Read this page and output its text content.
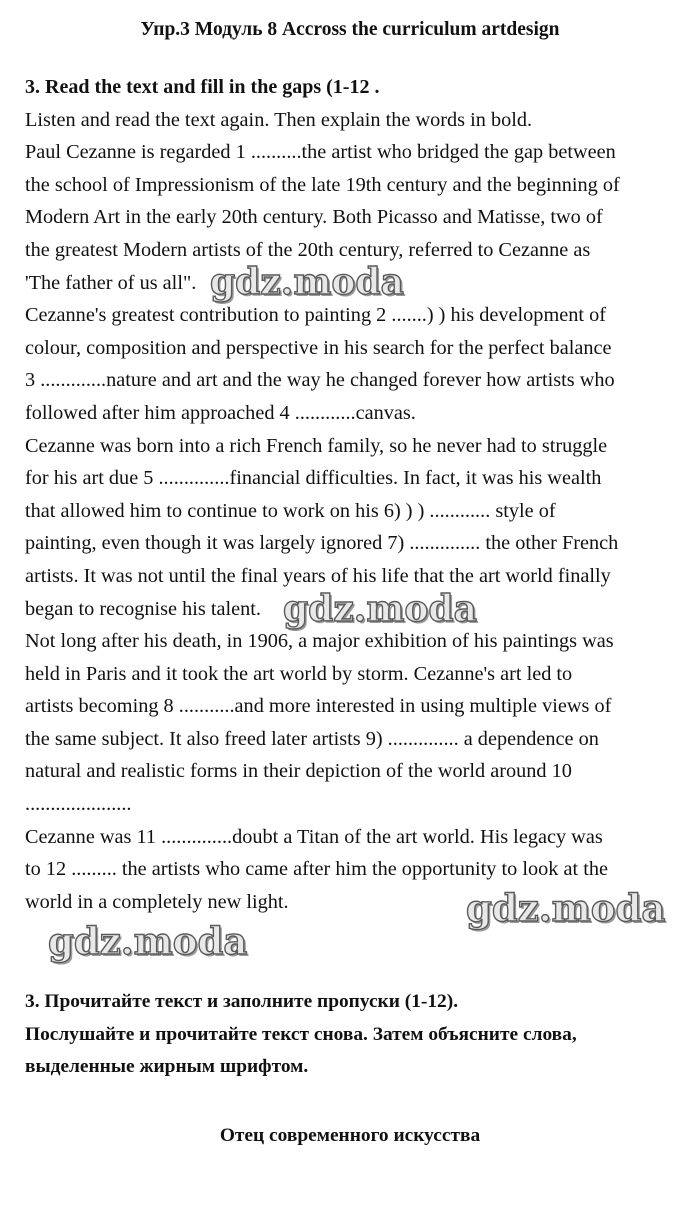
Упр.3 Модуль 8 Accross the curriculum artdesign
3. Read the text and fill in the gaps (1-12 .
Listen and read the text again. Then explain the words in bold.
Paul Cezanne is regarded 1 ..........the artist who bridged the gap between
the school of Impressionism of the late 19th century and the beginning of
Modern Art in the early 20th century. Both Picasso and Matisse, two of
the greatest Modern artists of the 20th century, referred to Cezanne as
'The father of us all".
Cezanne's greatest contribution to painting 2 .......) ) his development of
colour, composition and perspective in his search for the perfect balance
3 .............nature and art and the way he changed forever how artists who
followed after him approached 4 ............canvas.
Cezanne was born into a rich French family, so he never had to struggle
for his art due 5 ..............financial difficulties. In fact, it was his wealth
that allowed him to continue to work on his 6) ) ) ............ style of
painting, even though it was largely ignored 7) .............. the other French
artists. It was not until the final years of his life that the art world finally
began to recognise his talent.
Not long after his death, in 1906, a major exhibition of his paintings was
held in Paris and it took the art world by storm. Cezanne's art led to
artists becoming 8 ...........and more interested in using multiple views of
the same subject. It also freed later artists 9) .............. a dependence on
natural and realistic forms in their depiction of the world around 10
.....................
Cezanne was 11 ..............doubt a Titan of the art world. His legacy was
to 12 ......... the artists who came after him the opportunity to look at the
world in a completely new light.
3. Прочитайте текст и заполните пропуски (1-12).
Послушайте и прочитайте текст снова. Затем объясните слова,
выделенные жирным шрифтом.
Отец современного искусства
gdz.moda
gdz.moda
gdz.moda
gdz.moda
